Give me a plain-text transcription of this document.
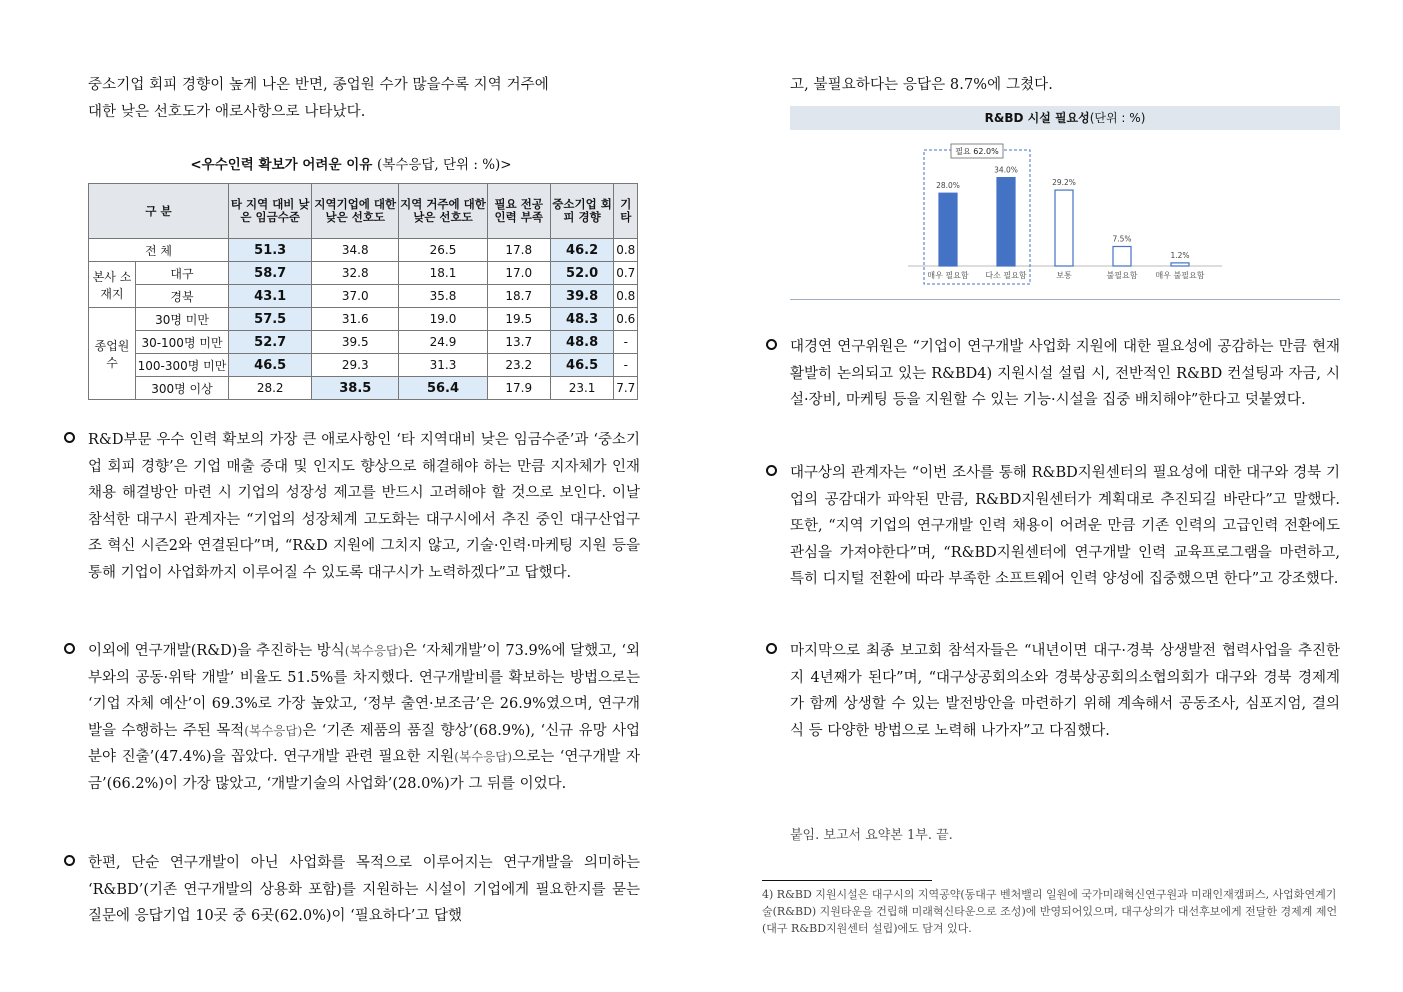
중소기업 회피 경향이 높게 나온 반면, 종업원 수가 많을수록 지역 거주에
대한 낮은 선호도가 애로사항으로 나타났다.
<우수인력 확보가 어려운 이유 (복수응답, 단위 : %)>
구 분		타 지역 대비 낮은 임금수준	지역기업에 대한 낮은 선호도	지역 거주에 대한 낮은 선호도	필요 전공 인력 부족	중소기업 회피 경향	기 타
전 체		51.3	34.8	26.5	17.8	46.2	0.8
본사 소재지	대구	58.7	32.8	18.1	17.0	52.0	0.7
	경북	43.1	37.0	35.8	18.7	39.8	0.8
종업원 수	30명 미만	57.5	31.6	19.0	19.5	48.3	0.6
	30-100명 미만	52.7	39.5	24.9	13.7	48.8	-
	100-300명 미만	46.5	29.3	31.3	23.2	46.5	-
	300명 이상	28.2	38.5	56.4	17.9	23.1	7.7
R&D부문 우수 인력 확보의 가장 큰 애로사항인 ‘타 지역대비 낮은 임금수준’과 ‘중소기업 회피 경향’은 기업 매출 증대 및 인지도 향상으로 해결해야 하는 만큼 지자체가 인재 채용 해결방안 마련 시 기업의 성장성 제고를 반드시 고려해야 할 것으로 보인다. 이날 참석한 대구시 관계자는 “기업의 성장체계 고도화는 대구시에서 추진 중인 대구산업구조 혁신 시즌2와 연결된다”며, “R&D 지원에 그치지 않고, 기술·인력·마케팅 지원 등을 통해 기업이 사업화까지 이루어질 수 있도록 대구시가 노력하겠다”고 답했다.
이외에 연구개발(R&D)을 추진하는 방식(복수응답)은 ‘자체개발’이 73.9%에 달했고, ‘외부와의 공동·위탁 개발’ 비율도 51.5%를 차지했다. 연구개발비를 확보하는 방법으로는 ‘기업 자체 예산’이 69.3%로 가장 높았고, ‘정부 출연·보조금’은 26.9%였으며, 연구개발을 수행하는 주된 목적(복수응답)은 ‘기존 제품의 품질 향상’(68.9%), ‘신규 유망 사업 분야 진출’(47.4%)을 꼽았다. 연구개발 관련 필요한 지원(복수응답)으로는 ‘연구개발 자금’(66.2%)이 가장 많았고, ‘개발기술의 사업화’(28.0%)가 그 뒤를 이었다.
한편, 단순 연구개발이 아닌 사업화를 목적으로 이루어지는 연구개발을 의미하는 ‘R&BD’(기존 연구개발의 상용화 포함)를 지원하는 시설이 기업에게 필요한지를 묻는 질문에 응답기업 10곳 중 6곳(62.0%)이 ‘필요하다’고 답했
고, 불필요하다는 응답은 8.7%에 그쳤다.
R&BD 시설 필요성(단위 : %)
28.0%
매우 필요함
34.0%
다소 필요함
29.2%
보통
7.5%
불필요함
1.2%
매우 불필요함
필요 62.0%
대경연 연구위원은 “기업이 연구개발 사업화 지원에 대한 필요성에 공감하는 만큼 현재 활발히 논의되고 있는 R&BD4) 지원시설 설립 시, 전반적인 R&BD 컨설팅과 자금, 시설·장비, 마케팅 등을 지원할 수 있는 기능·시설을 집중 배치해야”한다고 덧붙였다.
대구상의 관계자는 “이번 조사를 통해 R&BD지원센터의 필요성에 대한 대구와 경북 기업의 공감대가 파악된 만큼, R&BD지원센터가 계획대로 추진되길 바란다”고 말했다. 또한, “지역 기업의 연구개발 인력 채용이 어려운 만큼 기존 인력의 고급인력 전환에도 관심을 가져야한다”며, “R&BD지원센터에 연구개발 인력 교육프로그램을 마련하고, 특히 디지털 전환에 따라 부족한 소프트웨어 인력 양성에 집중했으면 한다”고 강조했다.
마지막으로 최종 보고회 참석자들은 “내년이면 대구·경북 상생발전 협력사업을 추진한지 4년째가 된다”며, “대구상공회의소와 경북상공회의소협의회가 대구와 경북 경제계가 함께 상생할 수 있는 발전방안을 마련하기 위해 계속해서 공동조사, 심포지엄, 결의식 등 다양한 방법으로 노력해 나가자”고 다짐했다.
붙임. 보고서 요약본 1부. 끝.
4) R&BD 지원시설은 대구시의 지역공약(동대구 벤처밸리 일원에 국가미래혁신연구원과 미래인재캠퍼스, 사업화연계기술(R&BD) 지원타운을 건립해 미래혁신타운으로 조성)에 반영되어있으며, 대구상의가 대선후보에게 전달한 경제계 제언(대구 R&BD지원센터 설립)에도 담겨 있다.
